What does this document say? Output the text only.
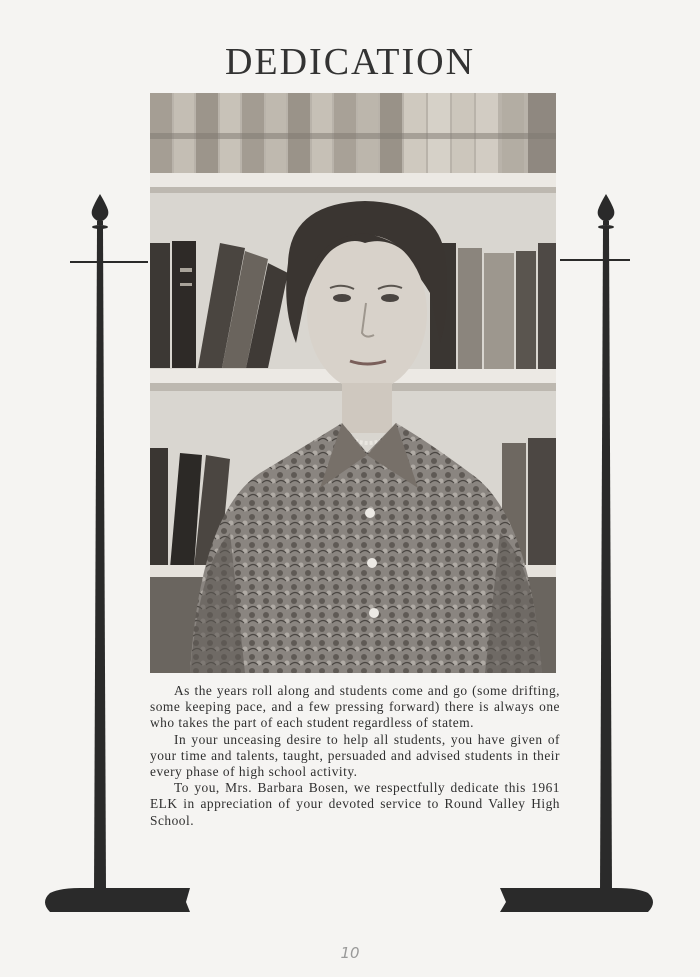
DEDICATION

As the years roll along and students come and go (some drifting, some keeping pace, and a few pressing forward) there is always one who takes the part of each student regardless of statem.

In your unceasing desire to help all students, you have given of your time and talents, taught, persuaded and advised students in their every phase of high school activity.

To you, Mrs. Barbara Bosen, we respectfully dedicate this 1961 ELK in appreciation of your devoted service to Round Valley High School.

10
